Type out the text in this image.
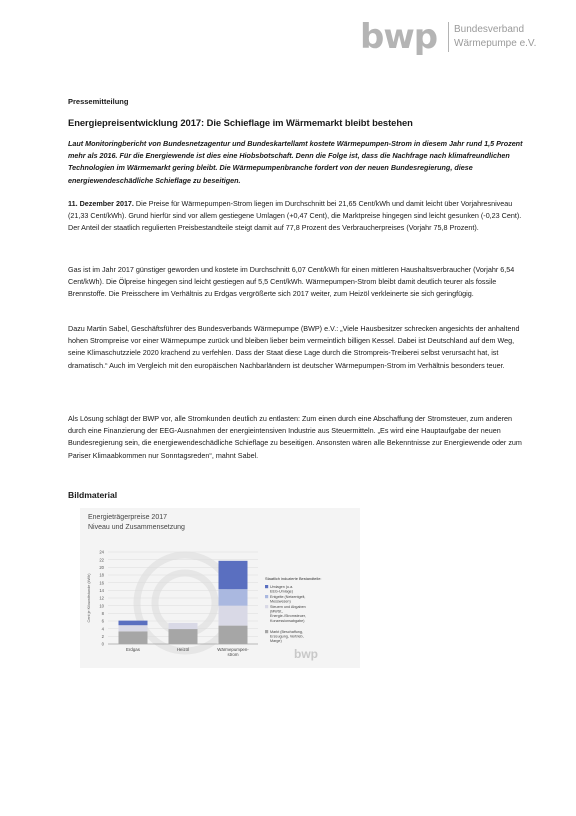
bwp Bundesverband
Wärmepumpe e.V.
Pressemitteilung
Energiepreisentwicklung 2017: Die Schieflage im Wärmemarkt bleibt bestehen
Laut Monitoringbericht von Bundesnetzagentur und Bundeskartellamt kostete Wärmepumpen-Strom in diesem Jahr rund 1,5 Prozent mehr als 2016. Für die Energiewende ist dies eine Hiobsbotschaft. Denn die Folge ist, dass die Nachfrage nach klimafreundlichen Technologien im Wärmemarkt gering bleibt. Die Wärmepumpenbranche fordert von der neuen Bundesregierung, diese energiewendeschädliche Schieflage zu beseitigen.
11. Dezember 2017. Die Preise für Wärmepumpen-Strom liegen im Durchschnitt bei 21,65 Cent/kWh und damit leicht über Vorjahresniveau (21,33 Cent/kWh). Grund hierfür sind vor allem gestiegene Umlagen (+0,47 Cent), die Marktpreise hingegen sind leicht gesunken (-0,23 Cent). Der Anteil der staatlich regulierten Preisbestandteile steigt damit auf 77,8 Prozent des Verbraucherpreises (Vorjahr 75,8 Prozent).
Gas ist im Jahr 2017 günstiger geworden und kostete im Durchschnitt 6,07 Cent/kWh für einen mittleren Haushaltsverbraucher (Vorjahr 6,54 Cent/kWh). Die Ölpreise hingegen sind leicht gestiegen auf 5,5 Cent/kWh. Wärmepumpen-Strom bleibt damit deutlich teurer als fossile Brennstoffe. Die Preisschere im Verhältnis zu Erdgas vergrößerte sich 2017 weiter, zum Heizöl verkleinerte sie sich geringfügig.
Dazu Martin Sabel, Geschäftsführer des Bundesverbands Wärmepumpe (BWP) e.V.: „Viele Hausbesitzer schrecken angesichts der anhaltend hohen Strompreise vor einer Wärmepumpe zurück und bleiben lieber beim vermeintlich billigen Kessel. Dabei ist Deutschland auf dem Weg, seine Klimaschutzziele 2020 krachend zu verfehlen. Dass der Staat diese Lage durch die Strompreis-Treiberei selbst verursacht hat, ist dramatisch.“ Auch im Vergleich mit den europäischen Nachbarländern ist deutscher Wärmepumpen-Strom im Verhältnis besonders teuer.
Als Lösung schlägt der BWP vor, alle Stromkunden deutlich zu entlasten: Zum einen durch eine Abschaffung der Stromsteuer, zum anderen durch eine Finanzierung der EEG-Ausnahmen der energieintensiven Industrie aus Steuermitteln. „Es wird eine Hauptaufgabe der neuen Bundesregierung sein, die energiewendeschädliche Schieflage zu beseitigen. Ansonsten wären alle Bekenntnisse zur Energiewende oder zum Pariser Klimaabkommen nur Sonntagsreden“, mahnt Sabel.
Bildmaterial
Energieträgerpreise 2017
Niveau und Zusammensetzung
24
22
20
18
16
14
12
10
8
6
4
2
0
Cent je Kilowattstunde (kWh)
Erdgas	Heizöl	Wärmepumpen-
strom
Staatlich induzierte Bestandteile:
Umlagen (u.a.
EEG-Umlage)
Entgelte (Netzentgelt,
Messwesen)
Steuern und Abgaben
(MWSt.,
Energie-/Stromsteuer,
Konzessionsabgabe)
Markt (Beschaffung,
Erzeugung, Vertrieb,
Marge)
bwp
